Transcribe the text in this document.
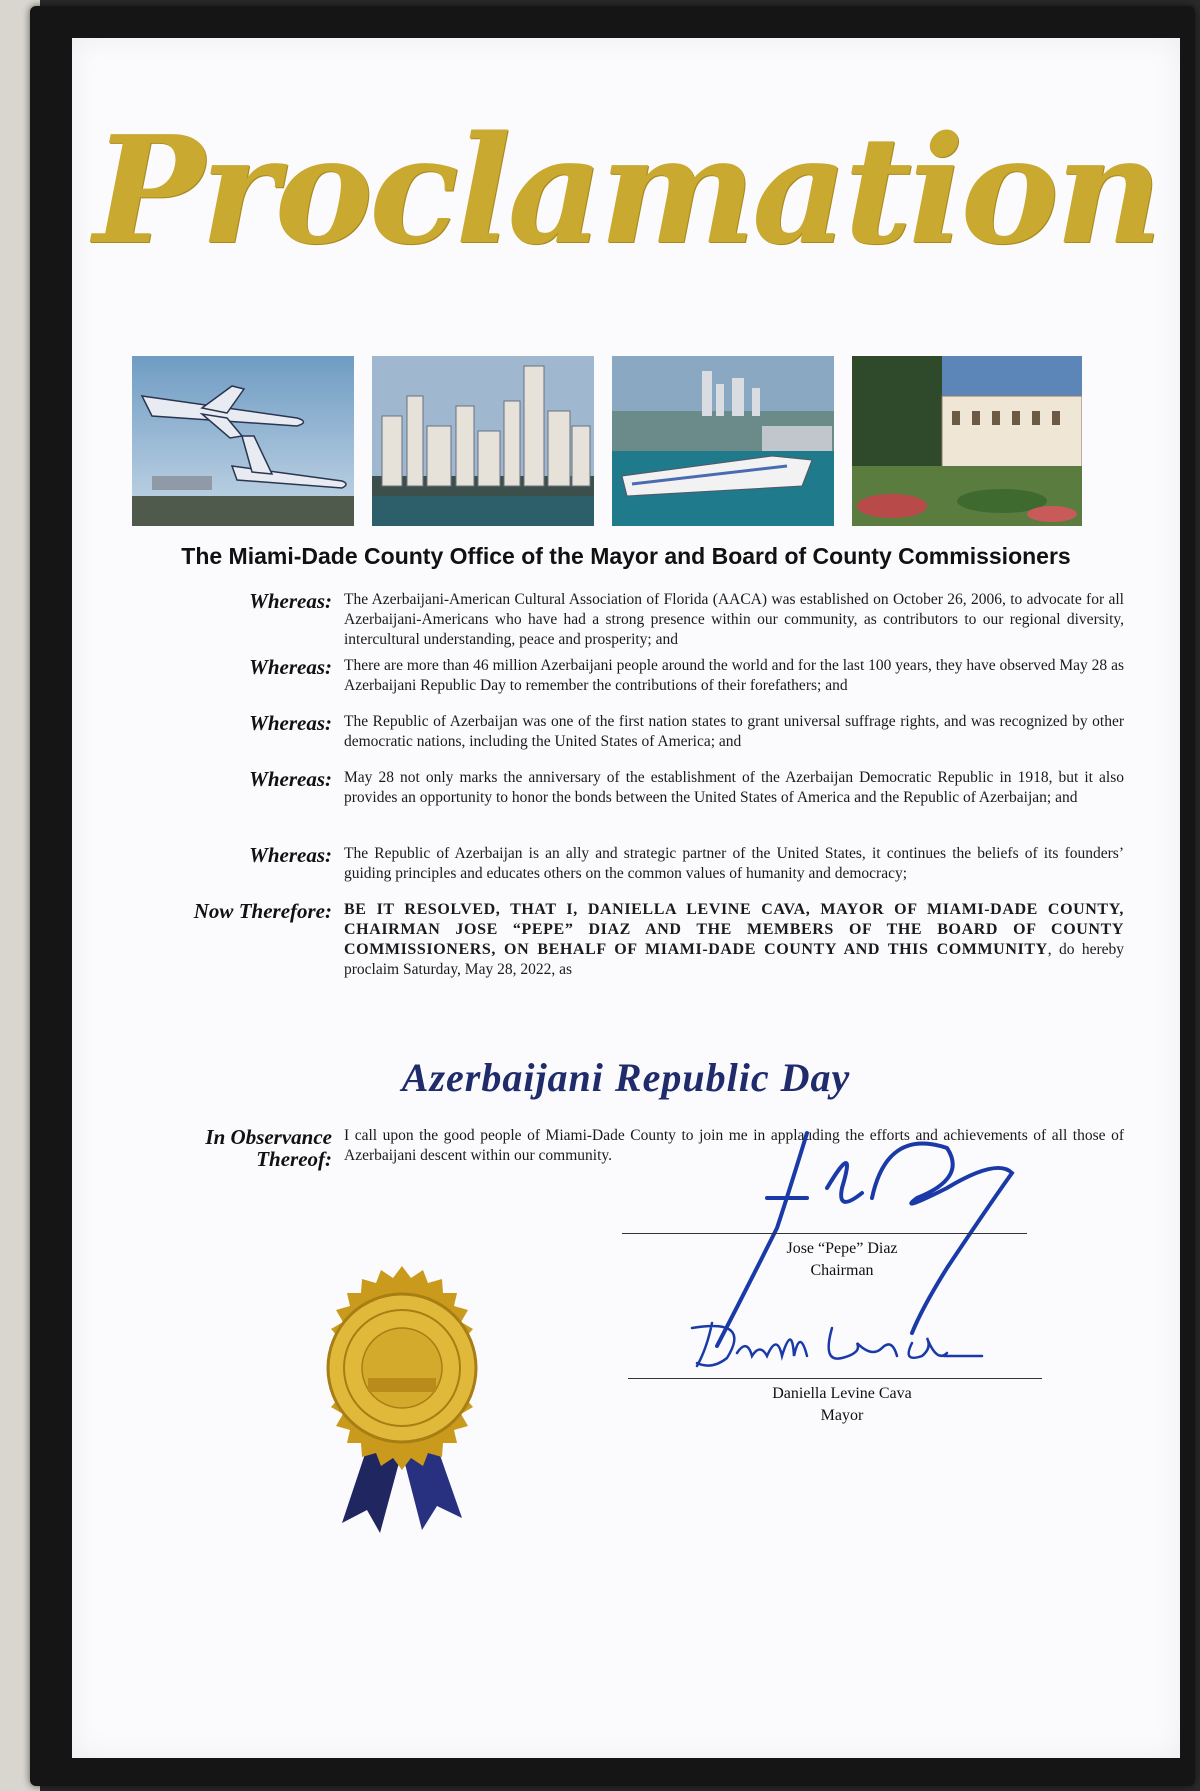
Proclamation
The Miami-Dade County Office of the Mayor and Board of County Commissioners
Whereas: The Azerbaijani-American Cultural Association of Florida (AACA) was established on October 26, 2006, to advocate for all Azerbaijani-Americans who have had a strong presence within our community, as contributors to our regional diversity, intercultural understanding, peace and prosperity; and
Whereas: There are more than 46 million Azerbaijani people around the world and for the last 100 years, they have observed May 28 as Azerbaijani Republic Day to remember the contributions of their forefathers; and
Whereas: The Republic of Azerbaijan was one of the first nation states to grant universal suffrage rights, and was recognized by other democratic nations, including the United States of America; and
Whereas: May 28 not only marks the anniversary of the establishment of the Azerbaijan Democratic Republic in 1918, but it also provides an opportunity to honor the bonds between the United States of America and the Republic of Azerbaijan; and
Whereas: The Republic of Azerbaijan is an ally and strategic partner of the United States, it continues the beliefs of its founders’ guiding principles and educates others on the common values of humanity and democracy;
Now Therefore: BE IT RESOLVED, THAT I, DANIELLA LEVINE CAVA, MAYOR OF MIAMI-DADE COUNTY, CHAIRMAN JOSE “PEPE” DIAZ AND THE MEMBERS OF THE BOARD OF COUNTY COMMISSIONERS, ON BEHALF OF MIAMI-DADE COUNTY AND THIS COMMUNITY, do hereby proclaim Saturday, May 28, 2022, as
Azerbaijani Republic Day
In Observance
Thereof:
I call upon the good people of Miami-Dade County to join me in applauding the efforts and achievements of all those of Azerbaijani descent within our community.
Jose “Pepe” Diaz
Chairman
Daniella Levine Cava
Mayor
